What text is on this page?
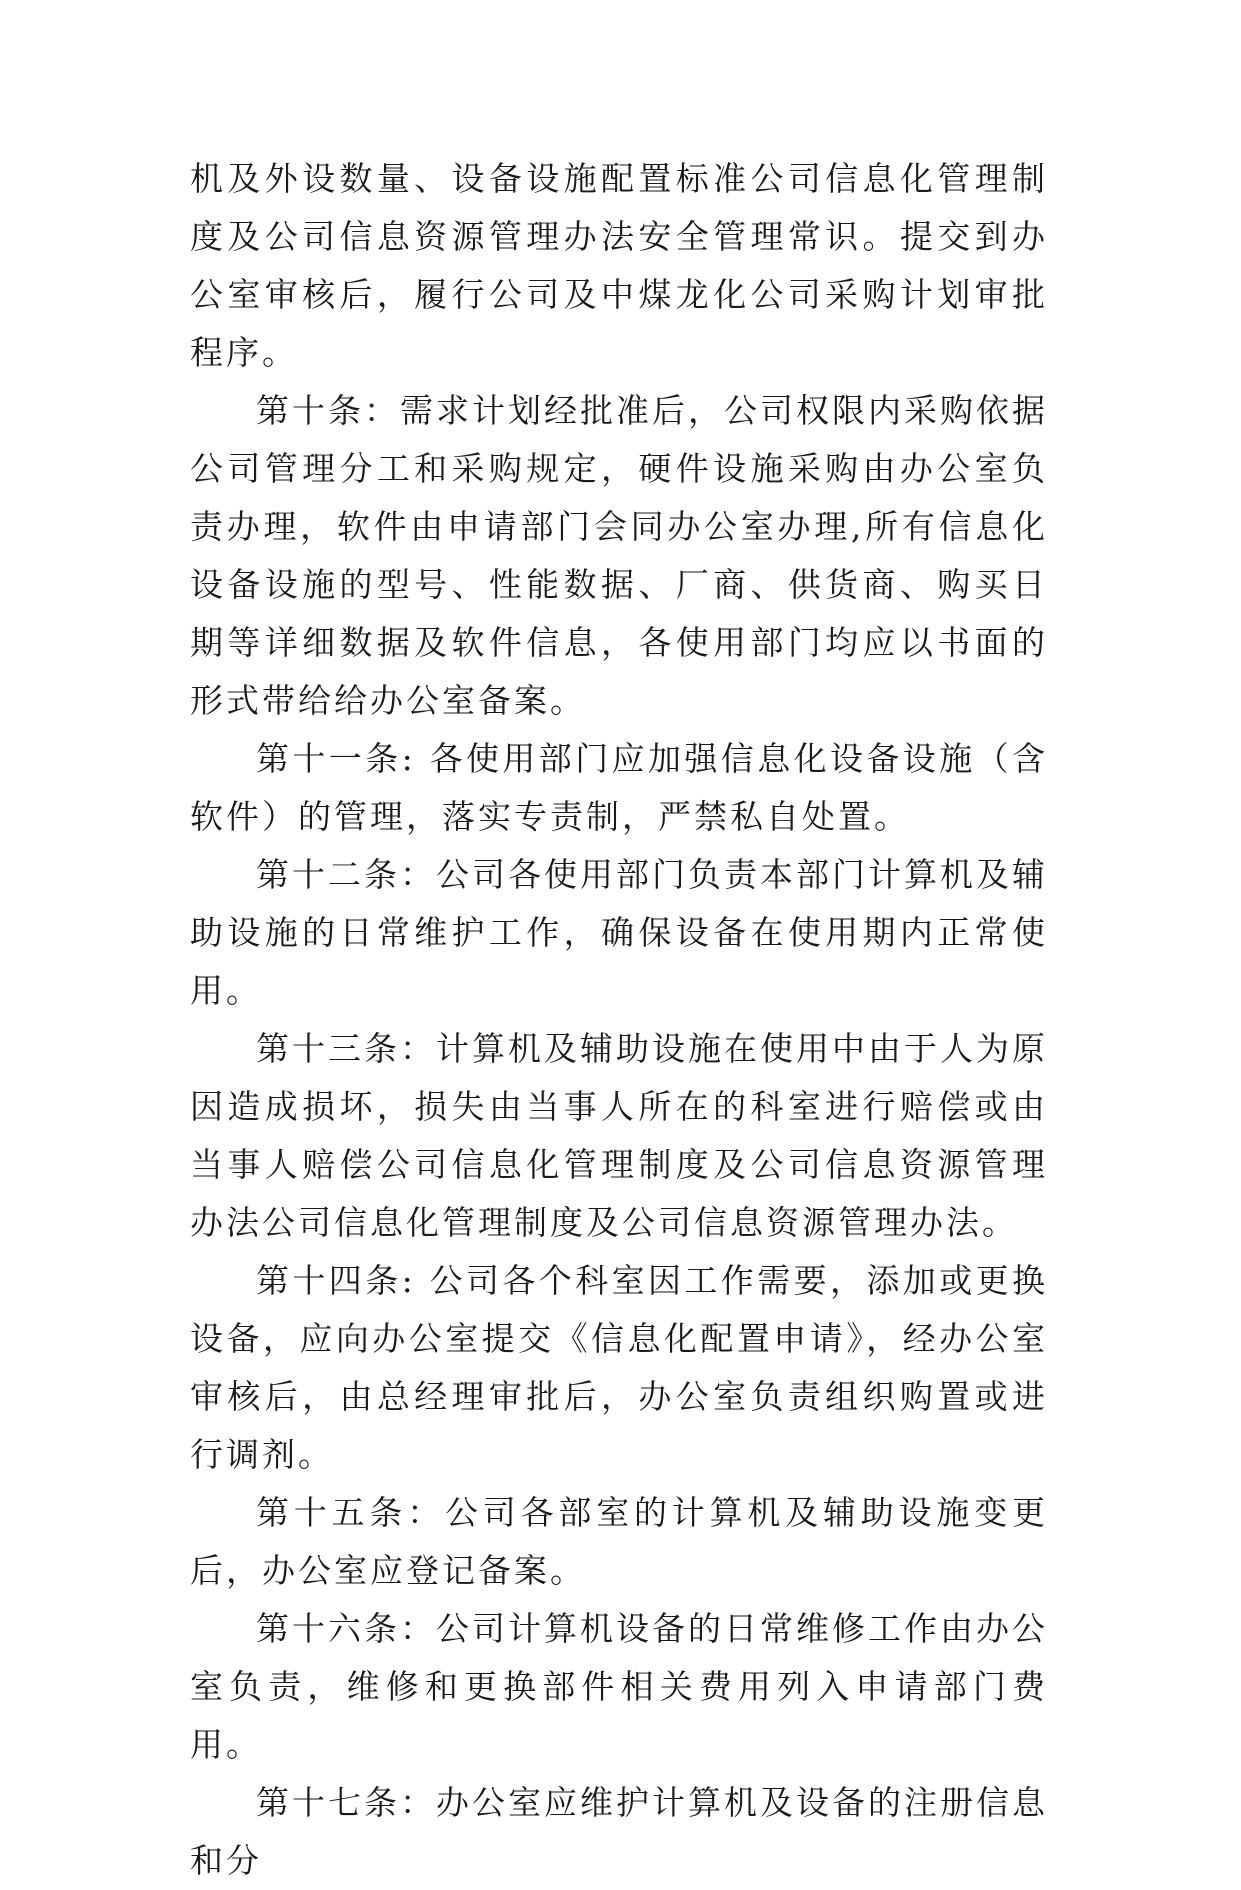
机及外设数量、设备设施配置标准公司信息化管理制度及公司信息资源管理办法安全管理常识。提交到办公室审核后，履行公司及中煤龙化公司采购计划审批程序。

第十条：需求计划经批准后，公司权限内采购依据公司管理分工和采购规定，硬件设施采购由办公室负责办理，软件由申请部门会同办公室办理,所有信息化设备设施的型号、性能数据、厂商、供货商、购买日期等详细数据及软件信息，各使用部门均应以书面的形式带给给办公室备案。

第十一条: 各使用部门应加强信息化设备设施（含软件）的管理，落实专责制，严禁私自处置。

第十二条：公司各使用部门负责本部门计算机及辅助设施的日常维护工作，确保设备在使用期内正常使用。

第十三条：计算机及辅助设施在使用中由于人为原因造成损坏，损失由当事人所在的科室进行赔偿或由当事人赔偿公司信息化管理制度及公司信息资源管理办法公司信息化管理制度及公司信息资源管理办法。

第十四条: 公司各个科室因工作需要，添加或更换设备，应向办公室提交《信息化配置申请》，经办公室审核后，由总经理审批后，办公室负责组织购置或进行调剂。

第十五条：公司各部室的计算机及辅助设施变更后，办公室应登记备案。

第十六条：公司计算机设备的日常维修工作由办公室负责，维修和更换部件相关费用列入申请部门费用。

第十七条：办公室应维护计算机及设备的注册信息和分
